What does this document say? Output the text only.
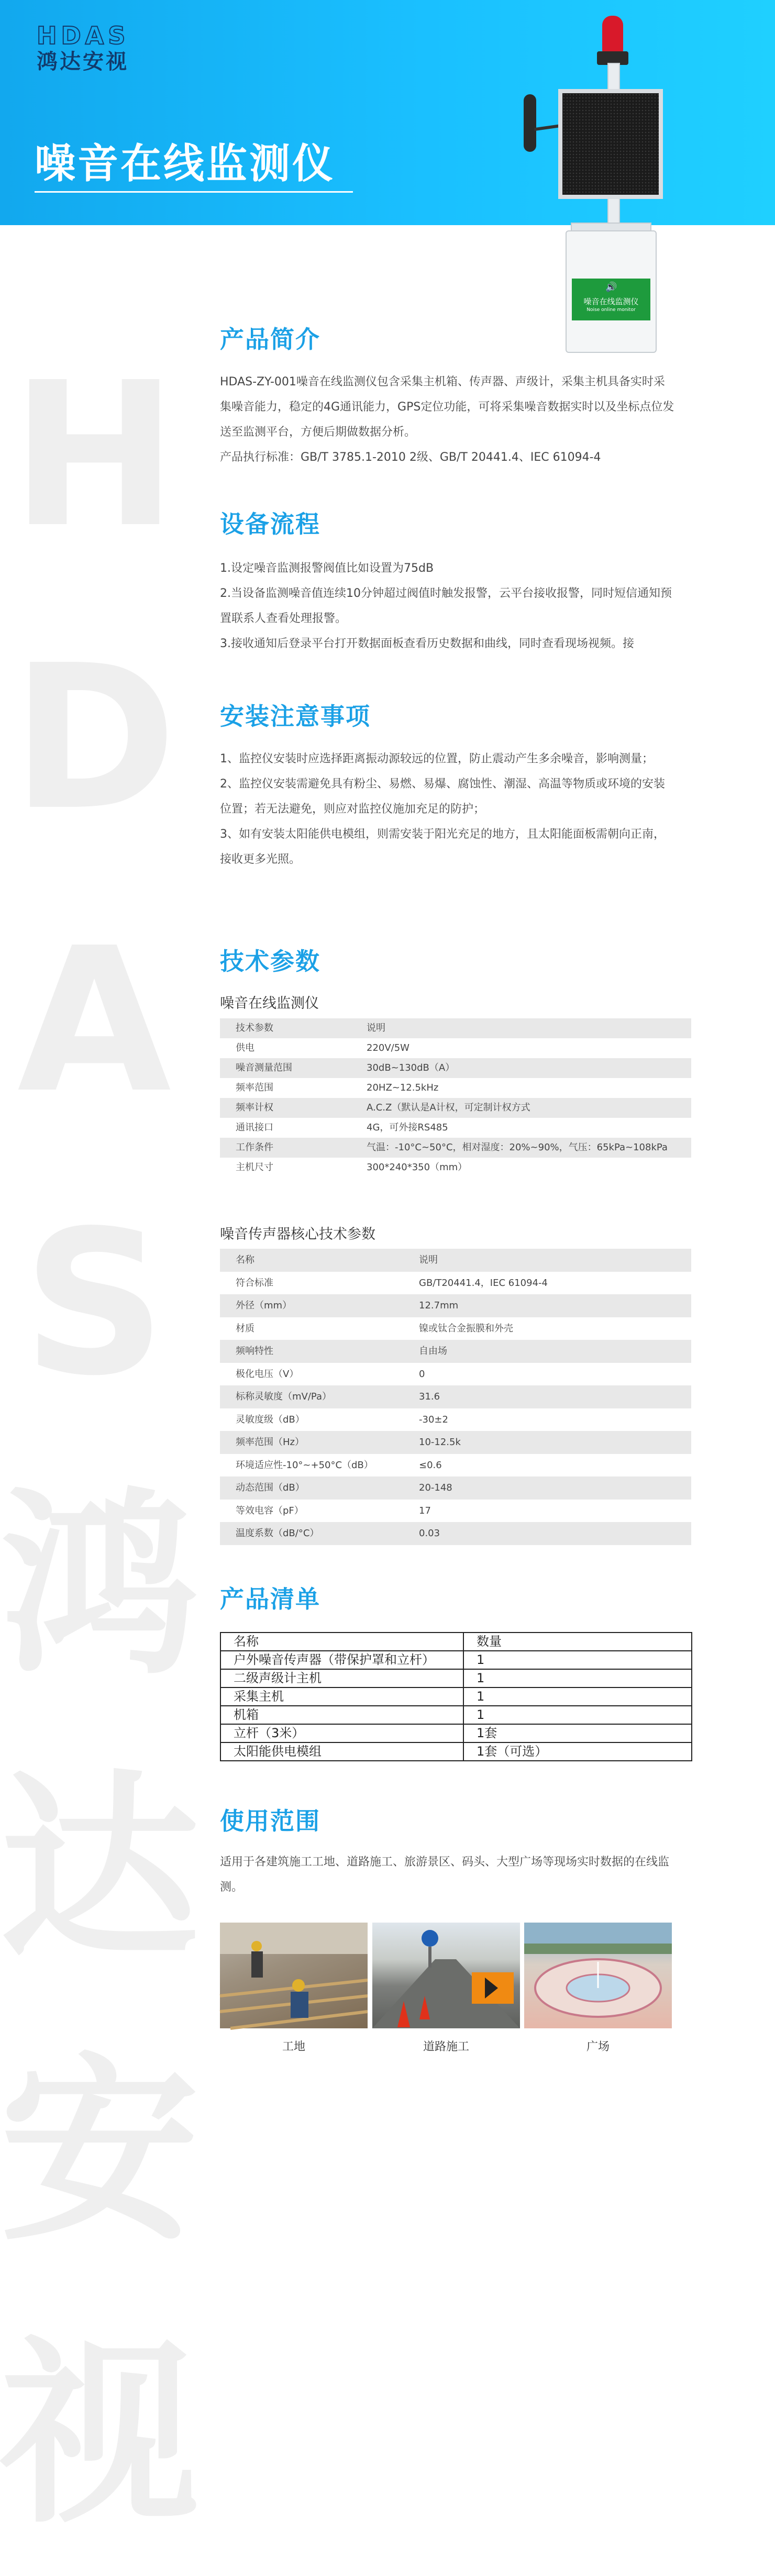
HDAS
鸿达安视
噪音在线监测仪
HDAS鸿达安视
🔊
噪音在线监测仪
Noise online monitor
产品简介

HDAS-ZY-001噪音在线监测仪包含采集主机箱、传声器、声级计，采集主机具备实时采集噪音能力，稳定的4G通讯能力，GPS定位功能，可将采集噪音数据实时以及坐标点位发送至监测平台，方便后期做数据分析。

产品执行标准：GB/T 3785.1-2010 2级、GB/T 20441.4、IEC 61094-4

设备流程

1.设定噪音监测报警阀值比如设置为75dB

2.当设备监测噪音值连续10分钟超过阀值时触发报警，云平台接收报警，同时短信通知预置联系人查看处理报警。

3.接收通知后登录平台打开数据面板查看历史数据和曲线，同时查看现场视频。接

安装注意事项

1、监控仪安装时应选择距离振动源较远的位置，防止震动产生多余噪音，影响测量；

2、监控仪安装需避免具有粉尘、易燃、易爆、腐蚀性、潮湿、高温等物质或环境的安装位置；若无法避免，则应对监控仪施加充足的防护；

3、如有安装太阳能供电模组，则需安装于阳光充足的地方，且太阳能面板需朝向正南，接收更多光照。

技术参数
噪音在线监测仪
技术参数	说明
供电	220V/5W
噪音测量范围	30dB~130dB（A）
频率范围	20HZ~12.5kHz
频率计权	A.C.Z（默认是A计权，可定制计权方式
通讯接口	4G，可外接RS485
工作条件	气温：-10°C~50°C，相对湿度：20%~90%，气压：65kPa~108kPa
主机尺寸	300*240*350（mm）
噪音传声器核心技术参数
名称	说明
符合标准	GB/T20441.4，IEC 61094-4
外径（mm）	12.7mm
材质	镍或钛合金振膜和外壳
频响特性	自由场
极化电压（V）	0
标称灵敏度（mV/Pa）	31.6
灵敏度级（dB）	-30±2
频率范围（Hz）	10-12.5k
环境适应性-10°~+50°C（dB）	≤0.6
动态范围（dB）	20-148
等效电容（pF）	17
温度系数（dB/°C）	0.03
产品清单
名称	数量
户外噪音传声器（带保护罩和立杆）	1
二级声级计主机	1
采集主机	1
机箱	1
立杆（3米）	1套
太阳能供电模组	1套（可选）
使用范围

适用于各建筑施工工地、道路施工、旅游景区、码头、大型广场等现场实时数据的在线监测。

工地	道路施工	广场
